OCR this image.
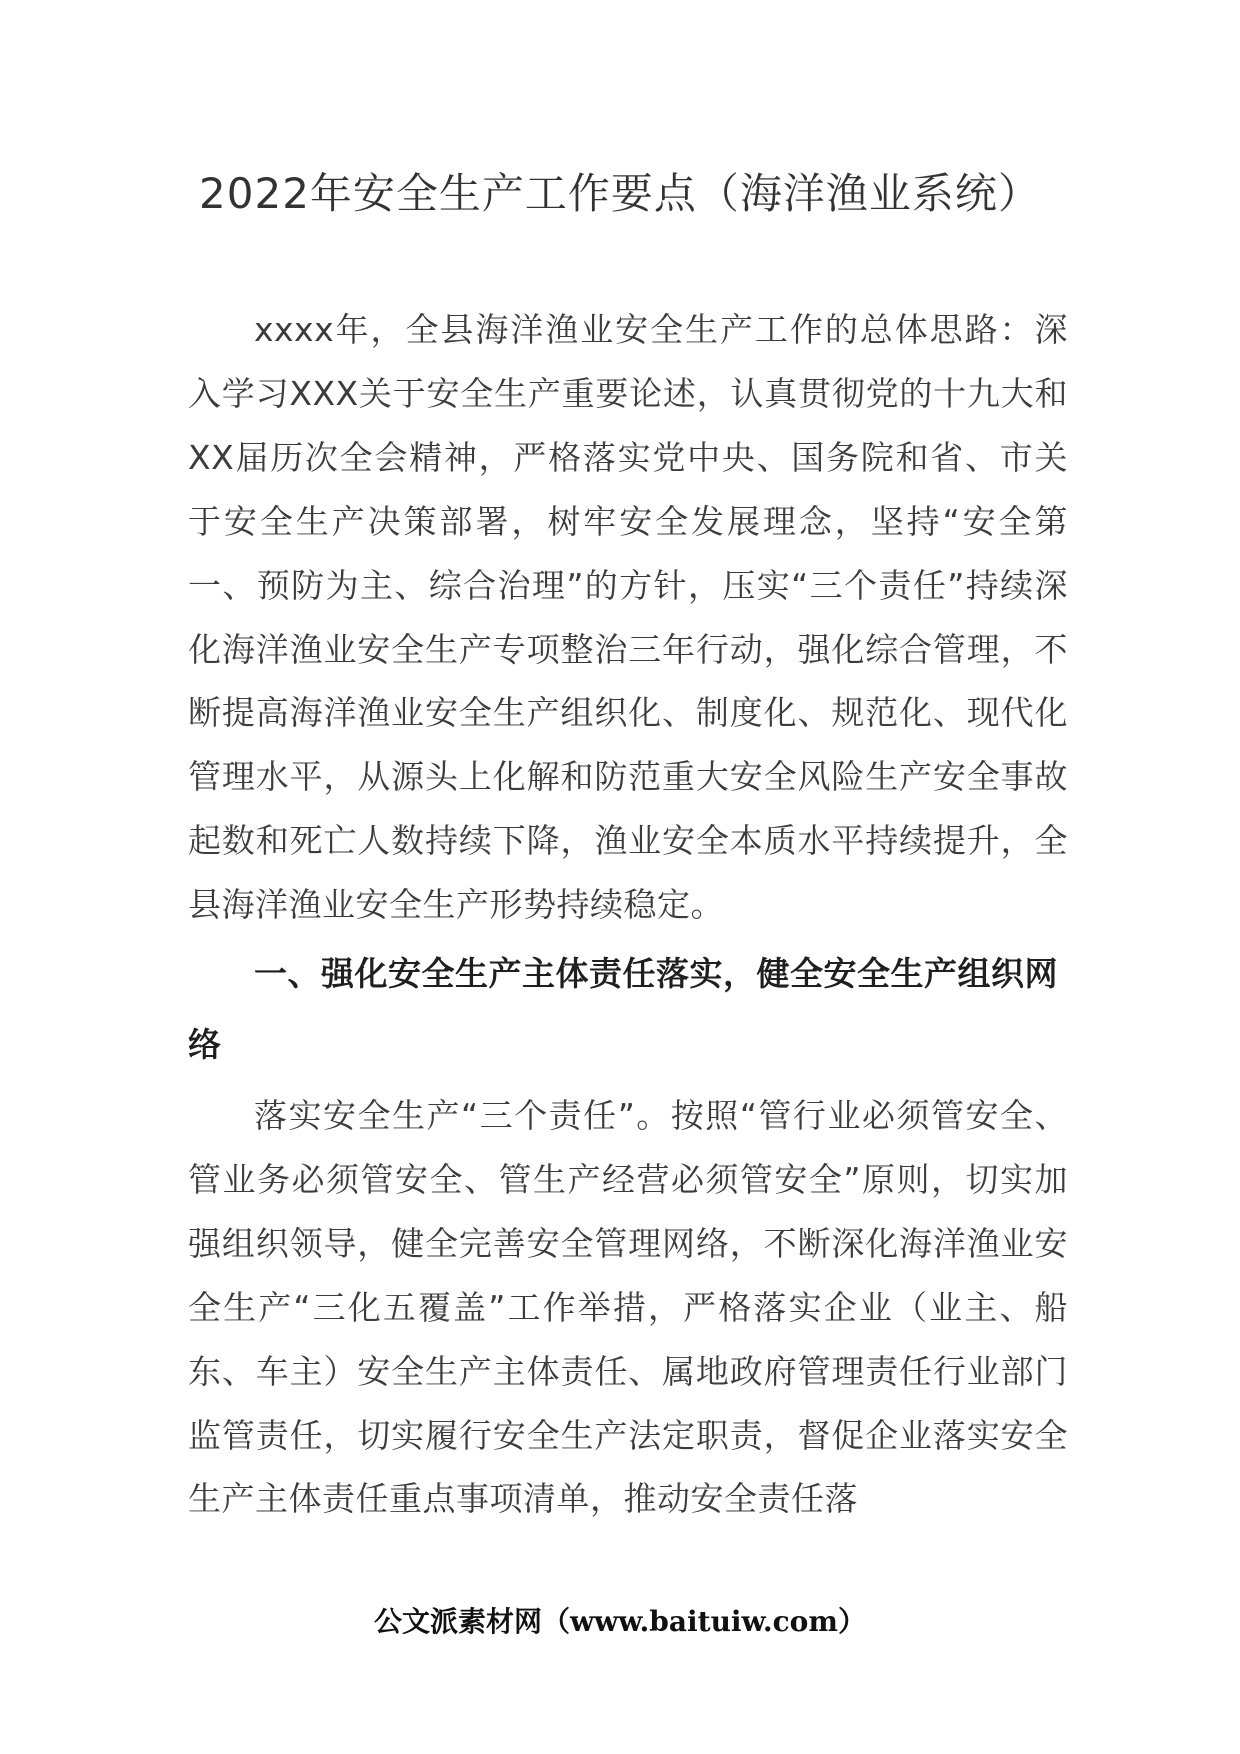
2022年安全生产工作要点（海洋渔业系统）

xxxx年，全县海洋渔业安全生产工作的总体思路：深入学习XXX关于安全生产重要论述，认真贯彻党的十九大和XX届历次全会精神，严格落实党中央、国务院和省、市关于安全生产决策部署，树牢安全发展理念，坚持“安全第一、预防为主、综合治理”的方针，压实“三个责任”持续深化海洋渔业安全生产专项整治三年行动，强化综合管理，不断提高海洋渔业安全生产组织化、制度化、规范化、现代化管理水平，从源头上化解和防范重大安全风险生产安全事故起数和死亡人数持续下降，渔业安全本质水平持续提升，全县海洋渔业安全生产形势持续稳定。

一、强化安全生产主体责任落实，健全安全生产组织网络

落实安全生产“三个责任”。按照“管行业必须管安全、管业务必须管安全、管生产经营必须管安全”原则，切实加强组织领导，健全完善安全管理网络，不断深化海洋渔业安全生产“三化五覆盖”工作举措，严格落实企业（业主、船东、车主）安全生产主体责任、属地政府管理责任行业部门监管责任，切实履行安全生产法定职责，督促企业落实安全生产主体责任重点事项清单，推动安全责任落

公文派素材网（www.baituiw.com）
